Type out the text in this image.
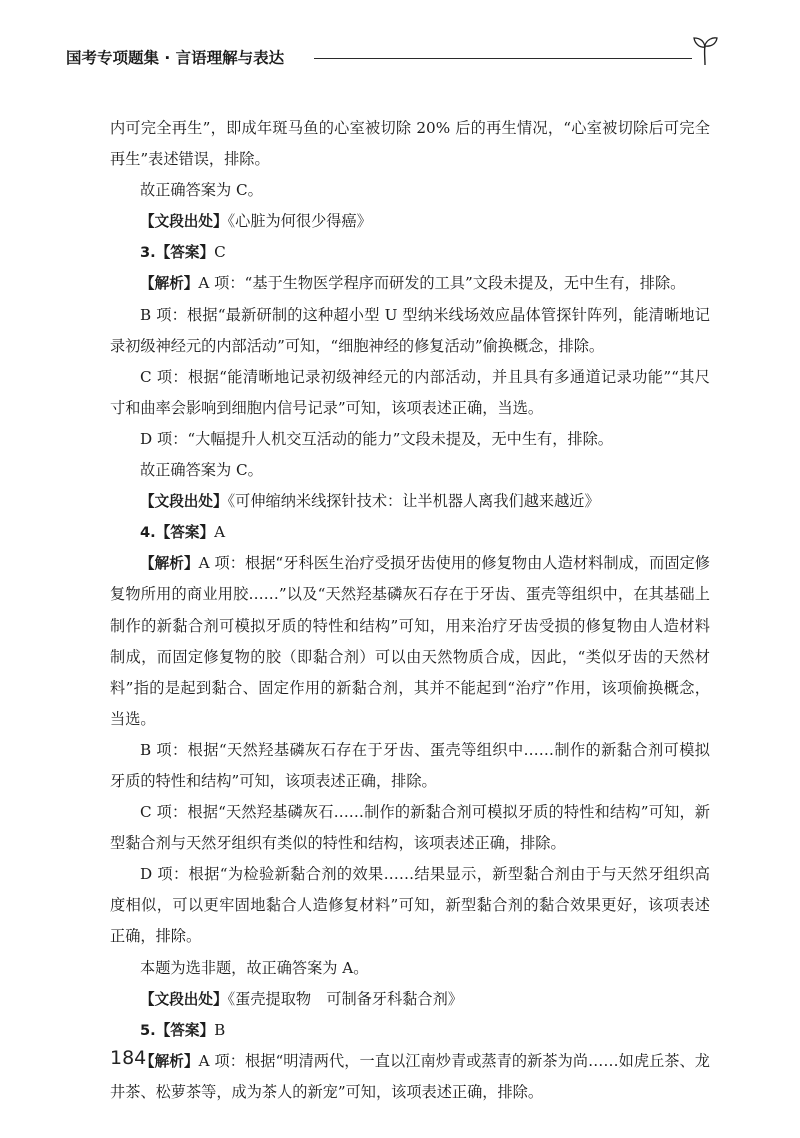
国考专项题集 · 言语理解与表达

内可完全再生”，即成年斑马鱼的心室被切除 20% 后的再生情况，“心室被切除后可完全再生”表述错误，排除。

故正确答案为 C。

【文段出处】《心脏为何很少得癌》

3.【答案】C

【解析】A 项：“基于生物医学程序而研发的工具”文段未提及，无中生有，排除。

B 项：根据“最新研制的这种超小型 U 型纳米线场效应晶体管探针阵列，能清晰地记录初级神经元的内部活动”可知，“细胞神经的修复活动”偷换概念，排除。

C 项：根据“能清晰地记录初级神经元的内部活动，并且具有多通道记录功能”“其尺寸和曲率会影响到细胞内信号记录”可知，该项表述正确，当选。

D 项：“大幅提升人机交互活动的能力”文段未提及，无中生有，排除。

故正确答案为 C。

【文段出处】《可伸缩纳米线探针技术：让半机器人离我们越来越近》

4.【答案】A

【解析】A 项：根据“牙科医生治疗受损牙齿使用的修复物由人造材料制成，而固定修复物所用的商业用胶……”以及“天然羟基磷灰石存在于牙齿、蛋壳等组织中，在其基础上制作的新黏合剂可模拟牙质的特性和结构”可知，用来治疗牙齿受损的修复物由人造材料制成，而固定修复物的胶（即黏合剂）可以由天然物质合成，因此，“类似牙齿的天然材料”指的是起到黏合、固定作用的新黏合剂，其并不能起到“治疗”作用，该项偷换概念，当选。

B 项：根据“天然羟基磷灰石存在于牙齿、蛋壳等组织中……制作的新黏合剂可模拟牙质的特性和结构”可知，该项表述正确，排除。

C 项：根据“天然羟基磷灰石……制作的新黏合剂可模拟牙质的特性和结构”可知，新型黏合剂与天然牙组织有类似的特性和结构，该项表述正确，排除。

D 项：根据“为检验新黏合剂的效果……结果显示，新型黏合剂由于与天然牙组织高度相似，可以更牢固地黏合人造修复材料”可知，新型黏合剂的黏合效果更好，该项表述正确，排除。

本题为选非题，故正确答案为 A。

【文段出处】《蛋壳提取物　可制备牙科黏合剂》

5.【答案】B

【解析】A 项：根据“明清两代，一直以江南炒青或蒸青的新茶为尚……如虎丘茶、龙井茶、松萝茶等，成为茶人的新宠”可知，该项表述正确，排除。

184
